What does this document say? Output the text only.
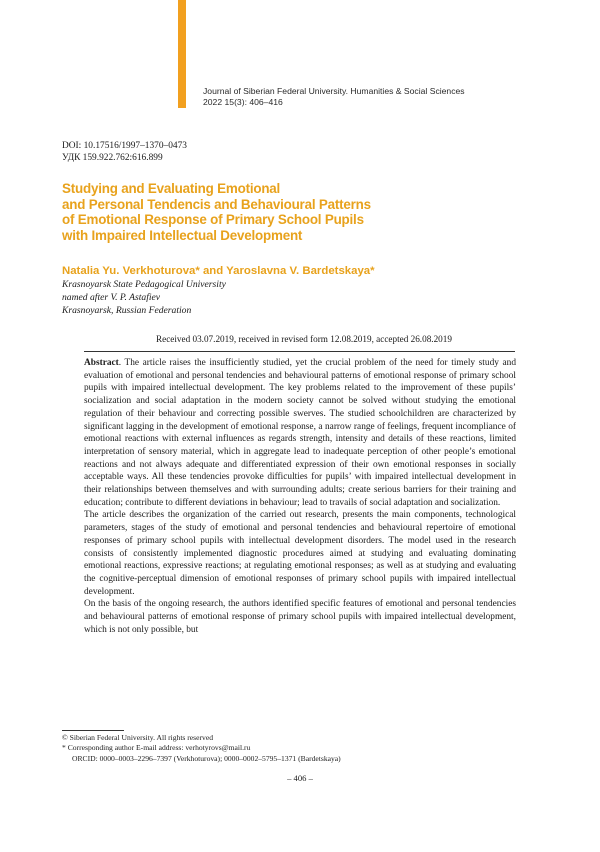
Journal of Siberian Federal University. Humanities & Social Sciences
2022 15(3): 406–416
DOI: 10.17516/1997–1370–0473
УДК 159.922.762:616.899
Studying and Evaluating Emotional
and Personal Tendencis and Behavioural Patterns
of Emotional Response of Primary School Pupils
with Impaired Intellectual Development
Natalia Yu. Verkhoturova* and Yaroslavna V. Bardetskaya*
Krasnoyarsk State Pedagogical University
named after V. P. Astafiev
Krasnoyarsk, Russian Federation
Received 03.07.2019, received in revised form 12.08.2019, accepted 26.08.2019

Abstract. The article raises the insufficiently studied, yet the crucial problem of the need for timely study and evaluation of emotional and personal tendencies and behavioural patterns of emotional response of primary school pupils with impaired intellectual development. The key problems related to the improvement of these pupils’ socialization and social adaptation in the modern society cannot be solved without studying the emotional regulation of their behaviour and correcting possible swerves. The studied schoolchildren are characterized by significant lagging in the development of emotional response, a narrow range of feelings, frequent incompliance of emotional reactions with external influences as regards strength, intensity and details of these reactions, limited interpretation of sensory material, which in aggregate lead to inadequate perception of other people’s emotional reactions and not always adequate and differentiated expression of their own emotional responses in socially acceptable ways. All these tendencies provoke difficulties for pupils’ with impaired intellectual development in their relationships between themselves and with surrounding adults; create serious barriers for their training and education; contribute to different deviations in behaviour; lead to travails of social adaptation and socialization.

The article describes the organization of the carried out research, presents the main components, technological parameters, stages of the study of emotional and personal tendencies and behavioural repertoire of emotional responses of primary school pupils with intellectual development disorders. The model used in the research consists of consistently implemented diagnostic procedures aimed at studying and evaluating dominating emotional reactions, expressive reactions; at regulating emotional responses; as well as at studying and evaluating the cognitive-perceptual dimension of emotional responses of primary school pupils with impaired intellectual development.

On the basis of the ongoing research, the authors identified specific features of emotional and personal tendencies and behavioural patterns of emotional response of primary school pupils with impaired intellectual development, which is not only possible, but

© Siberian Federal University. All rights reserved
* Corresponding author E-mail address: verhotyrovs@mail.ru
ORCID: 0000–0003–2296–7397 (Verkhoturova); 0000–0002–5795–1371 (Bardetskaya)
– 406 –
